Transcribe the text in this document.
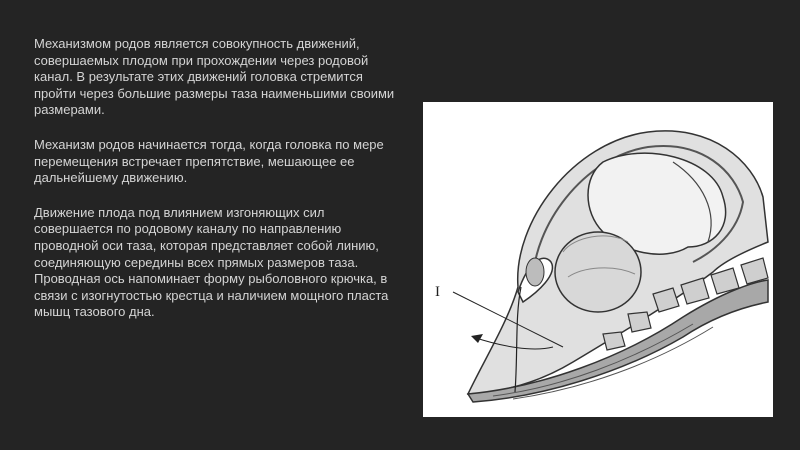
Механизмом родов является совокупность движений, совершаемых плодом при прохождении через родовой канал. В результате этих движений головка стремится пройти через большие размеры таза наименьшими своими размерами.

Механизм родов начинается тогда, когда головка по мере перемещения встречает препятствие, мешающее ее дальнейшему движению.

Движение плода под влиянием изгоняющих сил совершается по родовому каналу по направлению проводной оси таза, которая представляет собой линию, соединяющую середины всех прямых размеров таза. Проводная ось напоминает форму рыболовного крючка, в связи с изогнутостью крестца и наличием мощного пласта мышц тазового дна.

I
